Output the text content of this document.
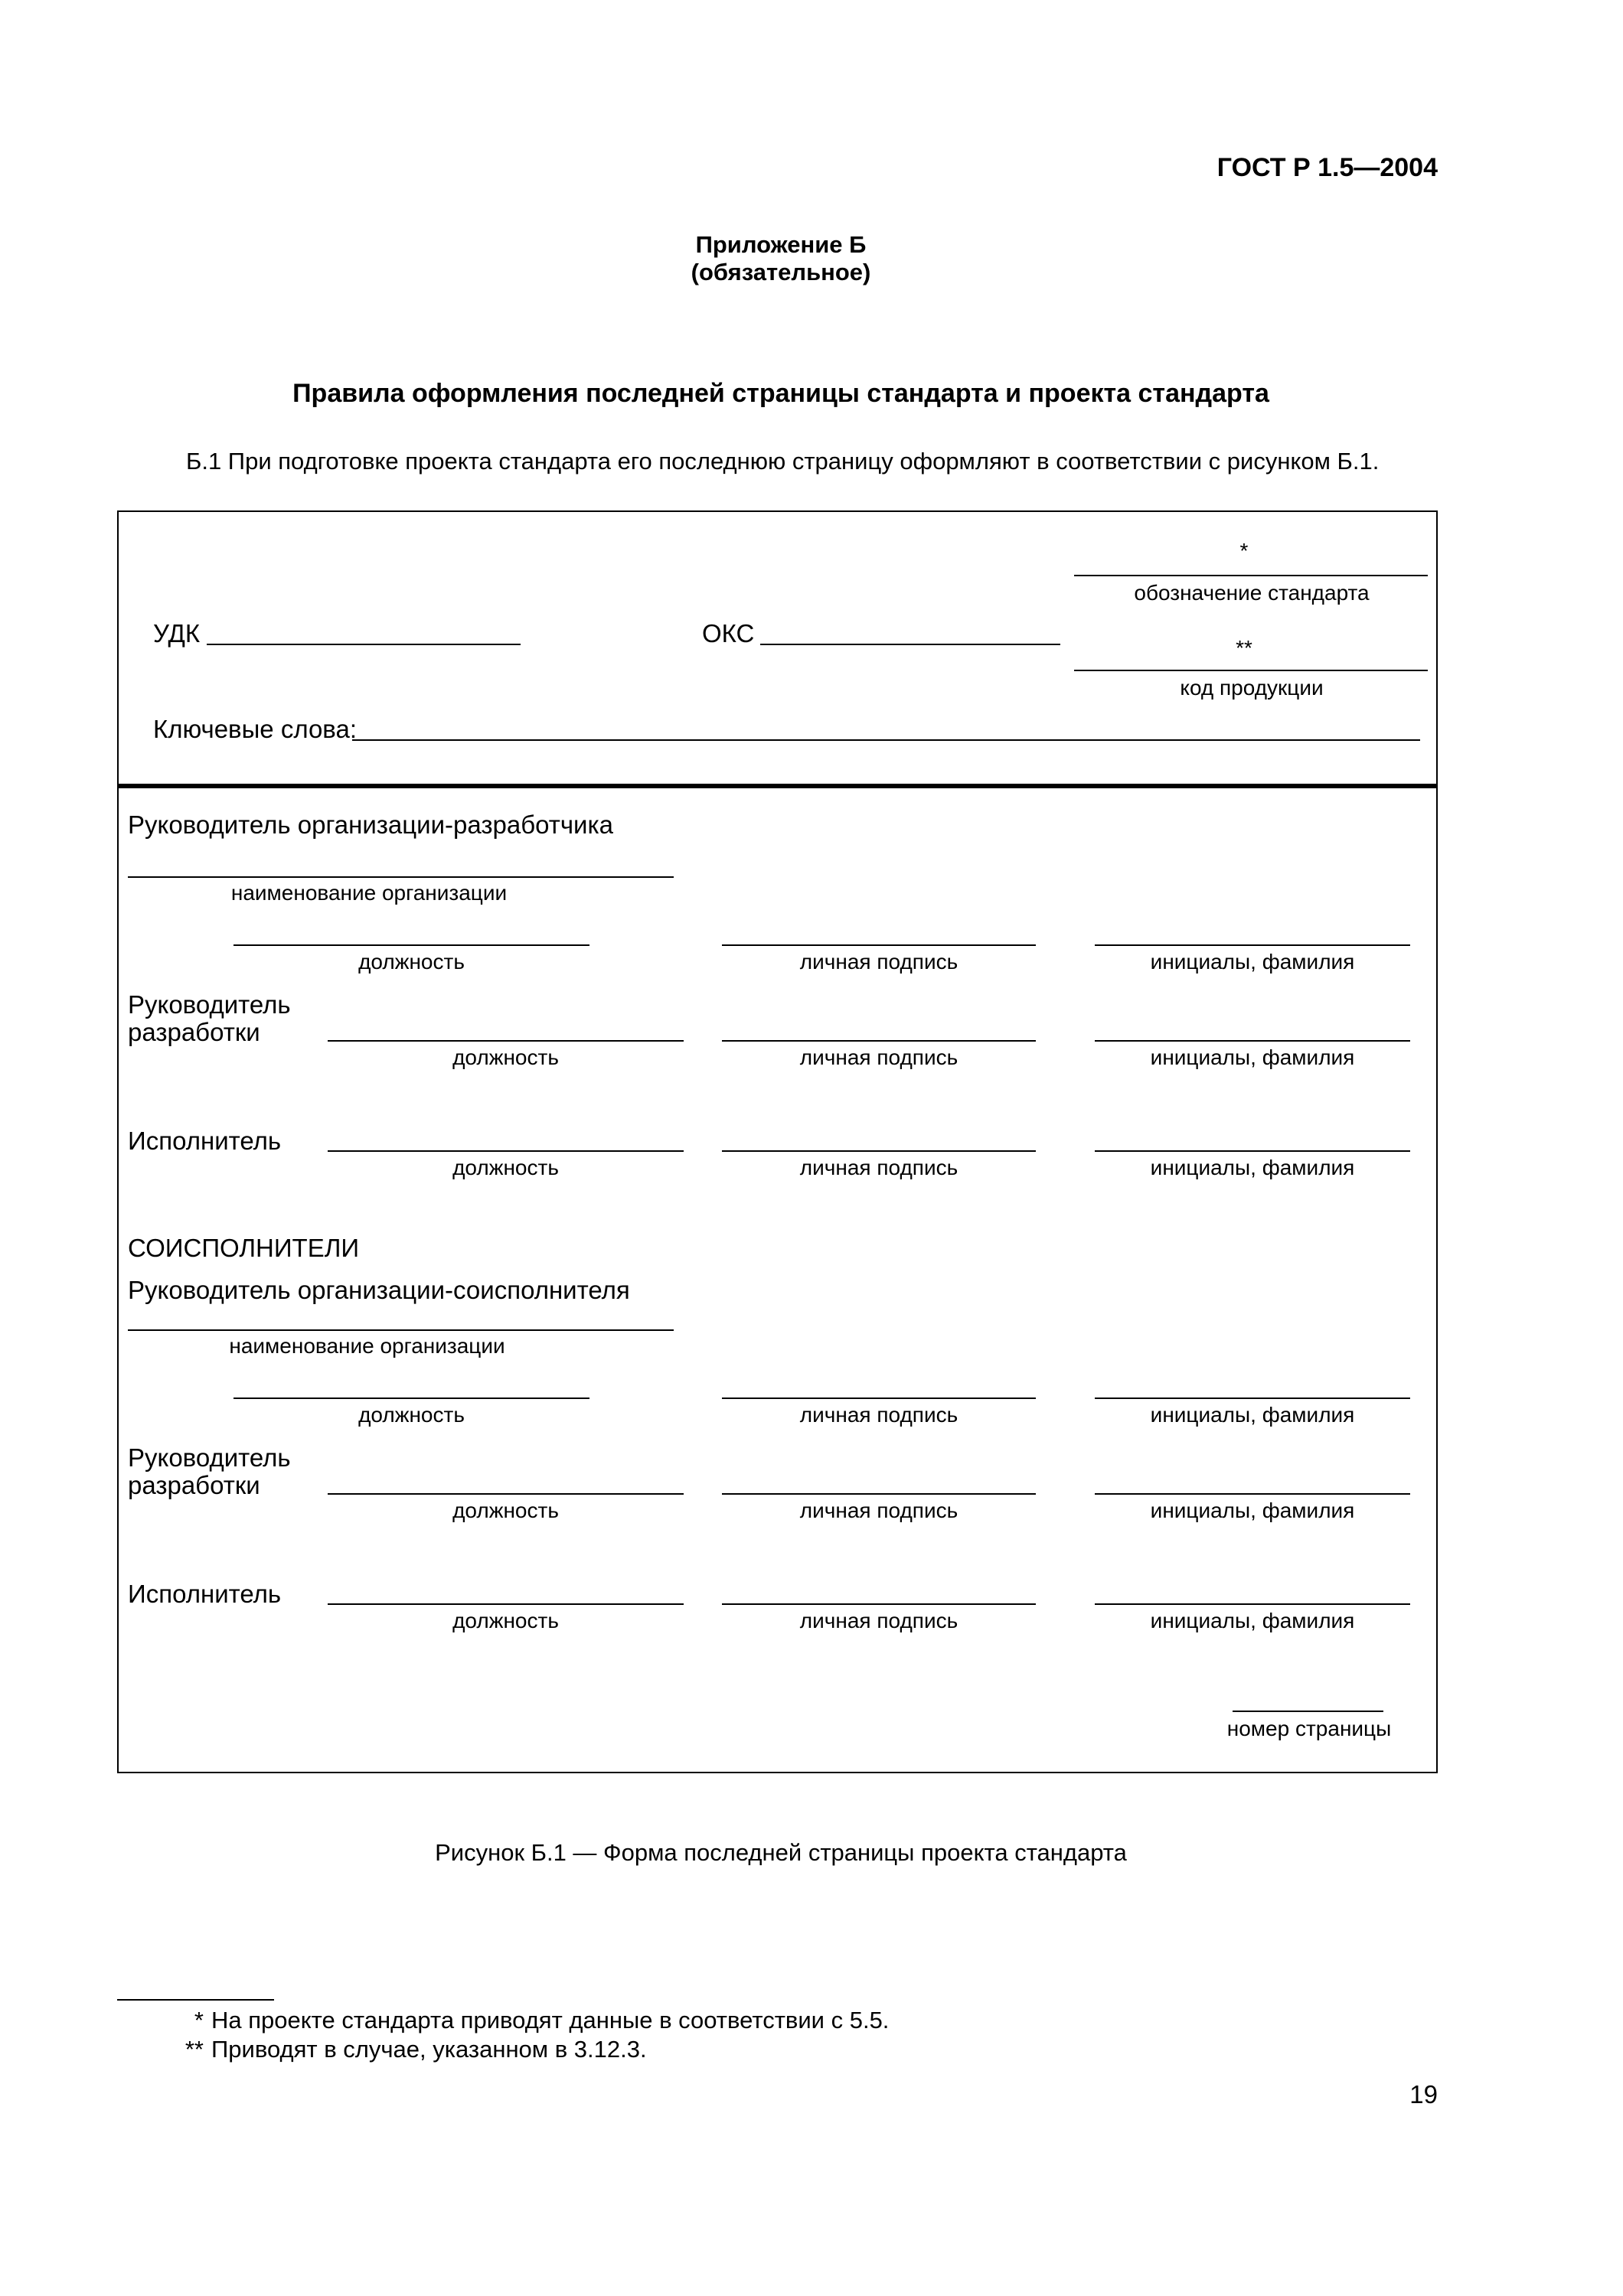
ГОСТ Р 1.5—2004
Приложение Б
(обязательное)
Правила оформления последней страницы стандарта и проекта стандарта
Б.1 При подготовке проекта стандарта его последнюю страницу оформляют в соответствии с рисунком Б.1.
*
обозначение стандарта
УДК	ОКС
**
код продукции
Ключевые слова:
Руководитель организации-разработчика
наименование организации
должность	личная подпись	инициалы, фамилия
Руководитель
разработки
должность	личная подпись	инициалы, фамилия
Исполнитель
должность	личная подпись	инициалы, фамилия
СОИСПОЛНИТЕЛИ
Руководитель организации-соисполнителя
наименование организации
должность	личная подпись	инициалы, фамилия
Руководитель
разработки
должность	личная подпись	инициалы, фамилия
Исполнитель
должность	личная подпись	инициалы, фамилия
номер страницы
Рисунок Б.1 — Форма последней страницы проекта стандарта
* На проекте стандарта приводят данные в соответствии с 5.5.
** Приводят в случае, указанном в 3.12.3.
19
